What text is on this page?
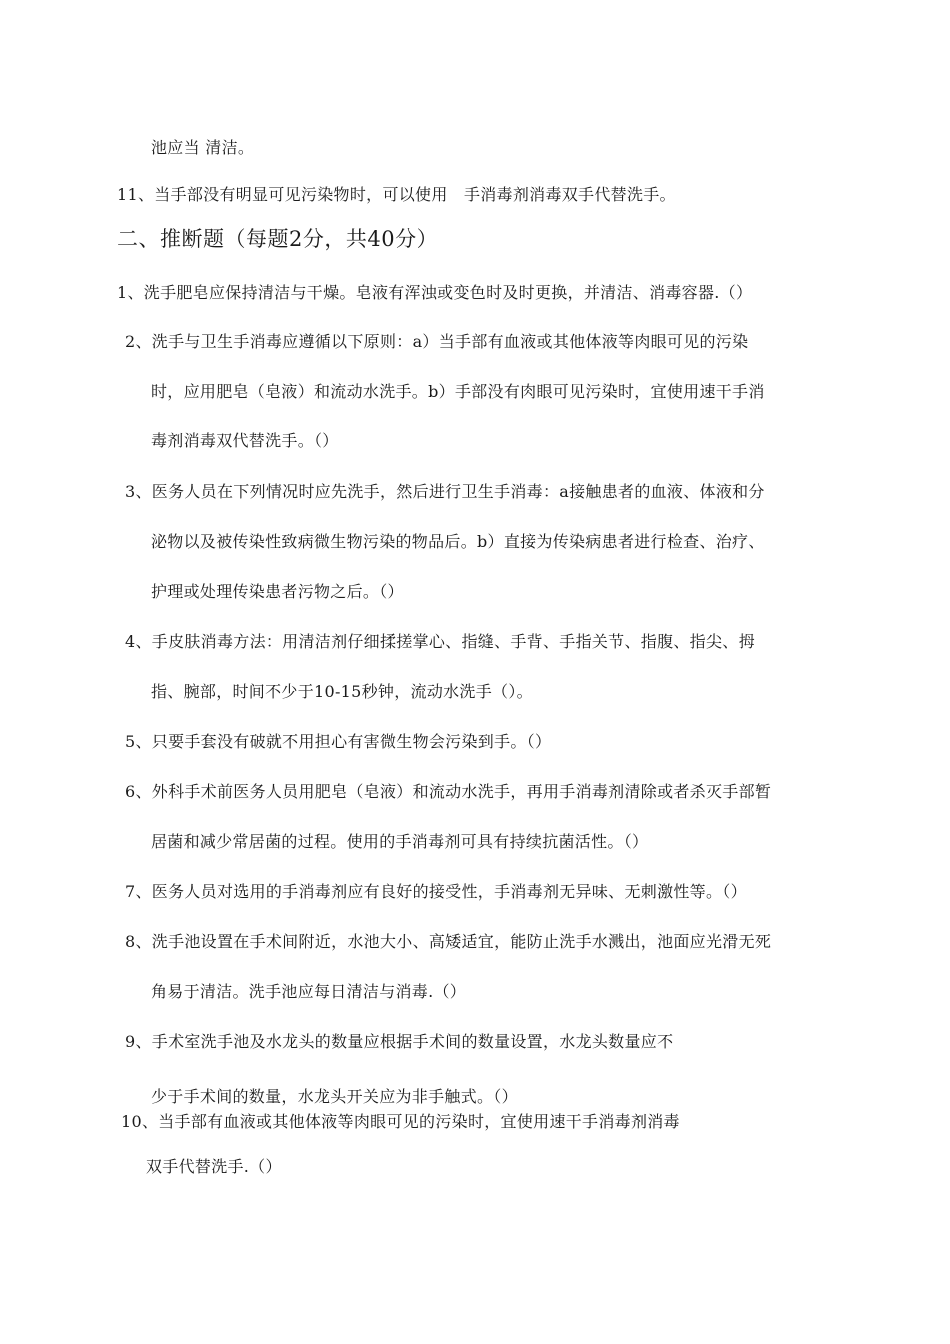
池应当 清洁。
11、当手部没有明显可见污染物时，可以使用　手消毒剂消毒双手代替洗手。
二、推断题（每题2分，共40分）
1、洗手肥皂应保持清洁与干燥。皂液有浑浊或变色时及时更换，并清洁、消毒容器.（）
2、洗手与卫生手消毒应遵循以下原则：a）当手部有血液或其他体液等肉眼可见的污染
时，应用肥皂（皂液）和流动水洗手。b）手部没有肉眼可见污染时，宜使用速干手消
毒剂消毒双代替洗手。（）
3、医务人员在下列情况时应先洗手，然后进行卫生手消毒：a接触患者的血液、体液和分
泌物以及被传染性致病微生物污染的物品后。b）直接为传染病患者进行检查、治疗、
护理或处理传染患者污物之后。（）
4、手皮肤消毒方法：用清洁剂仔细揉搓掌心、指缝、手背、手指关节、指腹、指尖、拇
指、腕部，时间不少于10-15秒钟，流动水洗手（）。
5、只要手套没有破就不用担心有害微生物会污染到手。（）
6、外科手术前医务人员用肥皂（皂液）和流动水洗手，再用手消毒剂清除或者杀灭手部暂
居菌和减少常居菌的过程。使用的手消毒剂可具有持续抗菌活性。（）
7、医务人员对选用的手消毒剂应有良好的接受性，手消毒剂无异味、无刺激性等。（）
8、洗手池设置在手术间附近，水池大小、高矮适宜，能防止洗手水溅出，池面应光滑无死
角易于清洁。洗手池应每日清洁与消毒.（）
9、手术室洗手池及水龙头的数量应根据手术间的数量设置，水龙头数量应不
少于手术间的数量，水龙头开关应为非手触式。（）
10、当手部有血液或其他体液等肉眼可见的污染时，宜使用速干手消毒剂消毒
双手代替洗手.（）
